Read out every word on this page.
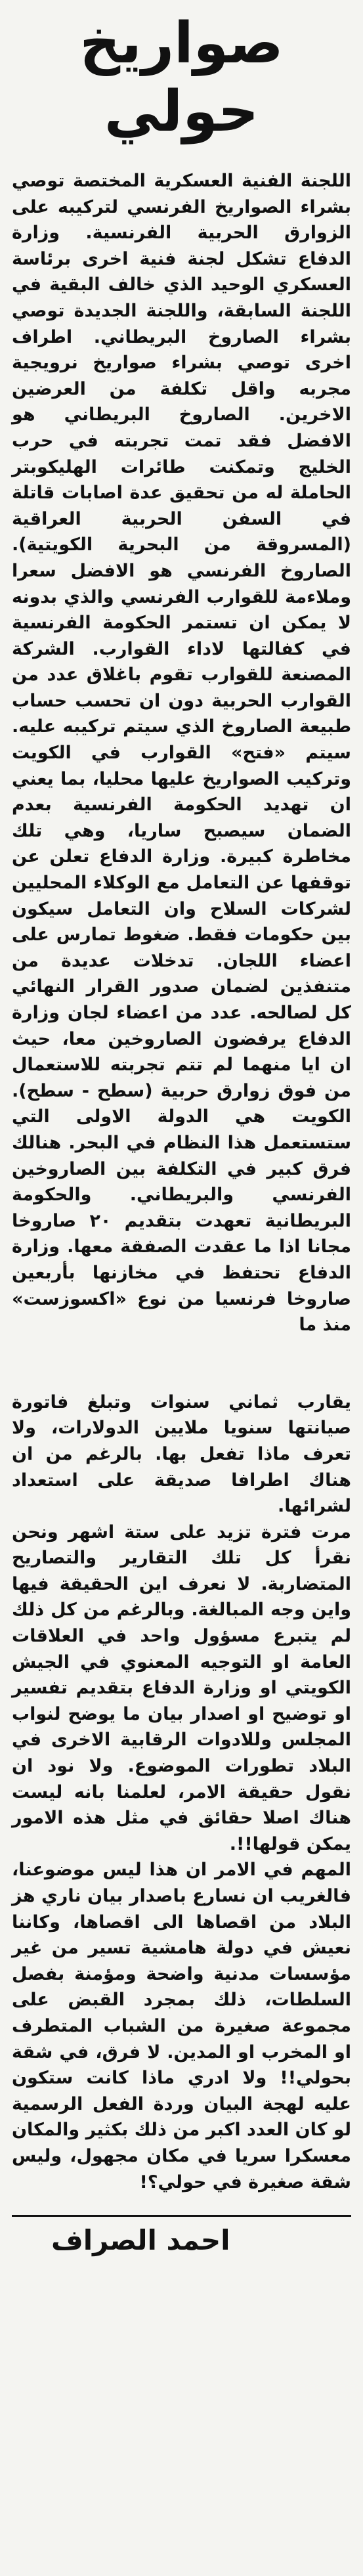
صواريخ
حولي

اللجنة الفنية العسكرية المختصة توصي بشراء الصواريخ الفرنسي لتركيبه على الزوارق الحربية الفرنسية. وزارة الدفاع تشكل لجنة فنية اخرى برئاسة العسكري الوحيد الذي خالف البقية في اللجنة السابقة، واللجنة الجديدة توصي بشراء الصاروخ البريطاني. اطراف اخرى توصي بشراء صواريخ نرويجية مجربه واقل تكلفة من العرضين الاخرين. الصاروخ البريطاني هو الافضل فقد تمت تجربته في حرب الخليج وتمكنت طائرات الهليكوبتر الحاملة له من تحقيق عدة اصابات قاتلة في السفن الحربية العراقية (المسروقة من البحرية الكويتية). الصاروخ الفرنسي هو الافضل سعرا وملاءمة للقوارب الفرنسي والذي بدونه لا يمكن ان تستمر الحكومة الفرنسية في كفالتها لاداء القوارب. الشركة المصنعة للقوارب تقوم باغلاق عدد من القوارب الحربية دون ان تحسب حساب طبيعة الصاروخ الذي سيتم تركيبه عليه. سيتم «فتح» القوارب في الكويت وتركيب الصواريخ عليها محليا، بما يعني ان تهديد الحكومة الفرنسية بعدم الضمان سيصبح ساريا، وهي تلك مخاطرة كبيرة. وزارة الدفاع تعلن عن توقفها عن التعامل مع الوكلاء المحليين لشركات السلاح وان التعامل سيكون بين حكومات فقط. ضغوط تمارس على اعضاء اللجان. تدخلات عديدة من متنفذين لضمان صدور القرار النهائي كل لصالحه. عدد من اعضاء لجان وزارة الدفاع يرفضون الصاروخين معا، حيث ان ايا منهما لم تتم تجربته للاستعمال من فوق زوارق حربية (سطح - سطح). الكويت هي الدولة الاولى التي ستستعمل هذا النظام في البحر. هنالك فرق كبير في التكلفة بين الصاروخين الفرنسي والبريطاني. والحكومة البريطانية تعهدت بتقديم ٢٠ صاروخا مجانا اذا ما عقدت الصفقة معها. وزارة الدفاع تحتفظ في مخازنها بأربعين صاروخا فرنسيا من نوع «اكسوزست» منذ ما

يقارب ثماني سنوات وتبلغ فاتورة صيانتها سنويا ملايين الدولارات، ولا تعرف ماذا تفعل بها. بالرغم من ان هناك اطرافا صديقة على استعداد لشرائها.

مرت فترة تزيد على ستة اشهر ونحن نقرأ كل تلك التقارير والتصاريح المتضاربة. لا نعرف اين الحقيقة فيها واين وجه المبالغة. وبالرغم من كل ذلك لم يتبرع مسؤول واحد في العلاقات العامة او التوجيه المعنوي في الجيش الكويتي او وزارة الدفاع بتقديم تفسير او توضيح او اصدار بيان ما يوضح لنواب المجلس وللادوات الرقابية الاخرى في البلاد تطورات الموضوع. ولا نود ان نقول حقيقة الامر، لعلمنا بانه ليست هناك اصلا حقائق في مثل هذه الامور يمكن قولها!!.

المهم في الامر ان هذا ليس موضوعنا، فالغريب ان نسارع باصدار بيان ناري هز البلاد من اقصاها الى اقصاها، وكاننا نعيش في دولة هامشية تسير من غير مؤسسات مدنية واضحة ومؤمنة بفصل السلطات، ذلك بمجرد القبض على مجموعة صغيرة من الشباب المتطرف او المخرب او المدين. لا فرق، في شقة بحولي!! ولا ادري ماذا كانت ستكون عليه لهجة البيان وردة الفعل الرسمية لو كان العدد اكبر من ذلك بكثير والمكان معسكرا سريا في مكان مجهول، وليس شقة صغيرة في حولي؟!

احمد الصراف
